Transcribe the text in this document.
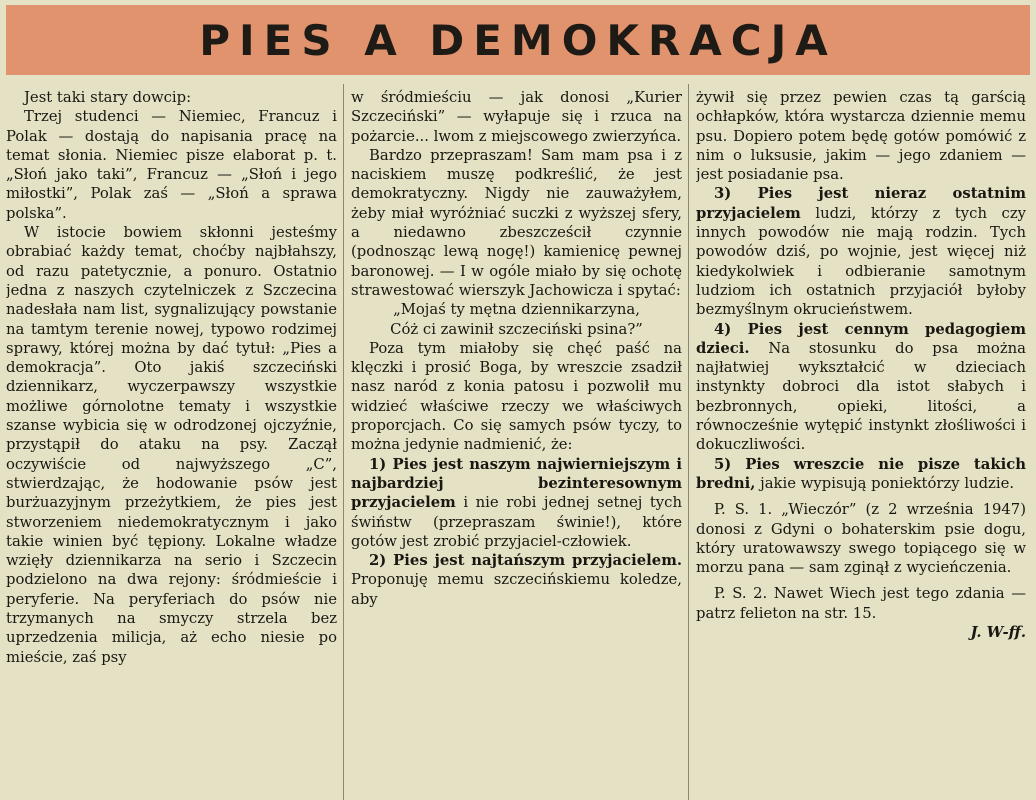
PIES A DEMOKRACJA

Jest taki stary dowcip:

Trzej studenci — Niemiec, Francuz i Polak — dostają do napisania pracę na temat słonia. Niemiec pisze elaborat p. t. „Słoń jako taki”, Francuz — „Słoń i jego miłostki”, Polak zaś — „Słoń a sprawa polska”.

W istocie bowiem skłonni jesteśmy obrabiać każdy temat, choćby najbłahszy, od razu patetycznie, a ponuro. Ostatnio jedna z naszych czytelniczek z Szczecina nadesłała nam list, sygnalizujący powstanie na tamtym terenie nowej, typowo rodzimej sprawy, której można by dać tytuł: „Pies a demokracja”. Oto jakiś szczeciński dziennikarz, wyczerpawszy wszystkie możliwe górnolotne tematy i wszystkie szanse wybicia się w odrodzonej ojczyźnie, przystąpił do ataku na psy. Zaczął oczywiście od najwyższego „C”, stwierdzając, że hodowanie psów jest burżuazyjnym przeżytkiem, że pies jest stworzeniem niedemokratycznym i jako takie winien być tępiony. Lokalne władze wzięły dziennikarza na serio i Szczecin podzielono na dwa rejony: śródmieście i peryferie. Na peryferiach do psów nie trzymanych na smyczy strzela bez uprzedzenia milicja, aż echo niesie po mieście, zaś psy

w śródmieściu — jak donosi „Kurier Szczeciński” — wyłapuje się i rzuca na pożarcie... lwom z miejscowego zwierzyńca.

Bardzo przepraszam! Sam mam psa i z naciskiem muszę podkreślić, że jest demokratyczny. Nigdy nie zauważyłem, żeby miał wyróżniać suczki z wyższej sfery, a niedawno zbeszcześcił czynnie (podnosząc lewą nogę!) kamienicę pewnej baronowej. — I w ogóle miało by się ochotę strawestować wierszyk Jachowicza i spytać:

„Mojaś ty mętna dziennikarzyna,

Cóż ci zawinił szczeciński psina?”

Poza tym miałoby się chęć paść na klęczki i prosić Boga, by wreszcie zsadził nasz naród z konia patosu i pozwolił mu widzieć właściwe rzeczy we właściwych proporcjach. Co się samych psów tyczy, to można jedynie nadmienić, że:

1) Pies jest naszym najwierniejszym i najbardziej bezinteresownym przyjacielem i nie robi jednej setnej tych świństw (przepraszam świnie!), które gotów jest zrobić przyjaciel-człowiek.

2) Pies jest najtańszym przyjacielem. Proponuję memu szczecińskiemu koledze, aby

żywił się przez pewien czas tą garścią ochłapków, która wystarcza dziennie memu psu. Dopiero potem będę gotów pomówić z nim o luksusie, jakim — jego zdaniem — jest posiadanie psa.

3) Pies jest nieraz ostatnim przyjacielem ludzi, którzy z tych czy innych powodów nie mają rodzin. Tych powodów dziś, po wojnie, jest więcej niż kiedykolwiek i odbieranie samotnym ludziom ich ostatnich przyjaciół byłoby bezmyślnym okrucieństwem.

4) Pies jest cennym pedagogiem dzieci. Na stosunku do psa można najłatwiej wykształcić w dzieciach instynkty dobroci dla istot słabych i bezbronnych, opieki, litości, a równocześnie wytępić instynkt złośliwości i dokuczliwości.

5) Pies wreszcie nie pisze takich bredni, jakie wypisują poniektórzy ludzie.

P. S. 1. „Wieczór” (z 2 września 1947) donosi z Gdyni o bohaterskim psie dogu, który uratowawszy swego topiącego się w morzu pana — sam zginął z wycieńczenia.

P. S. 2. Nawet Wiech jest tego zdania — patrz felieton na str. 15.

J. W-ff.
